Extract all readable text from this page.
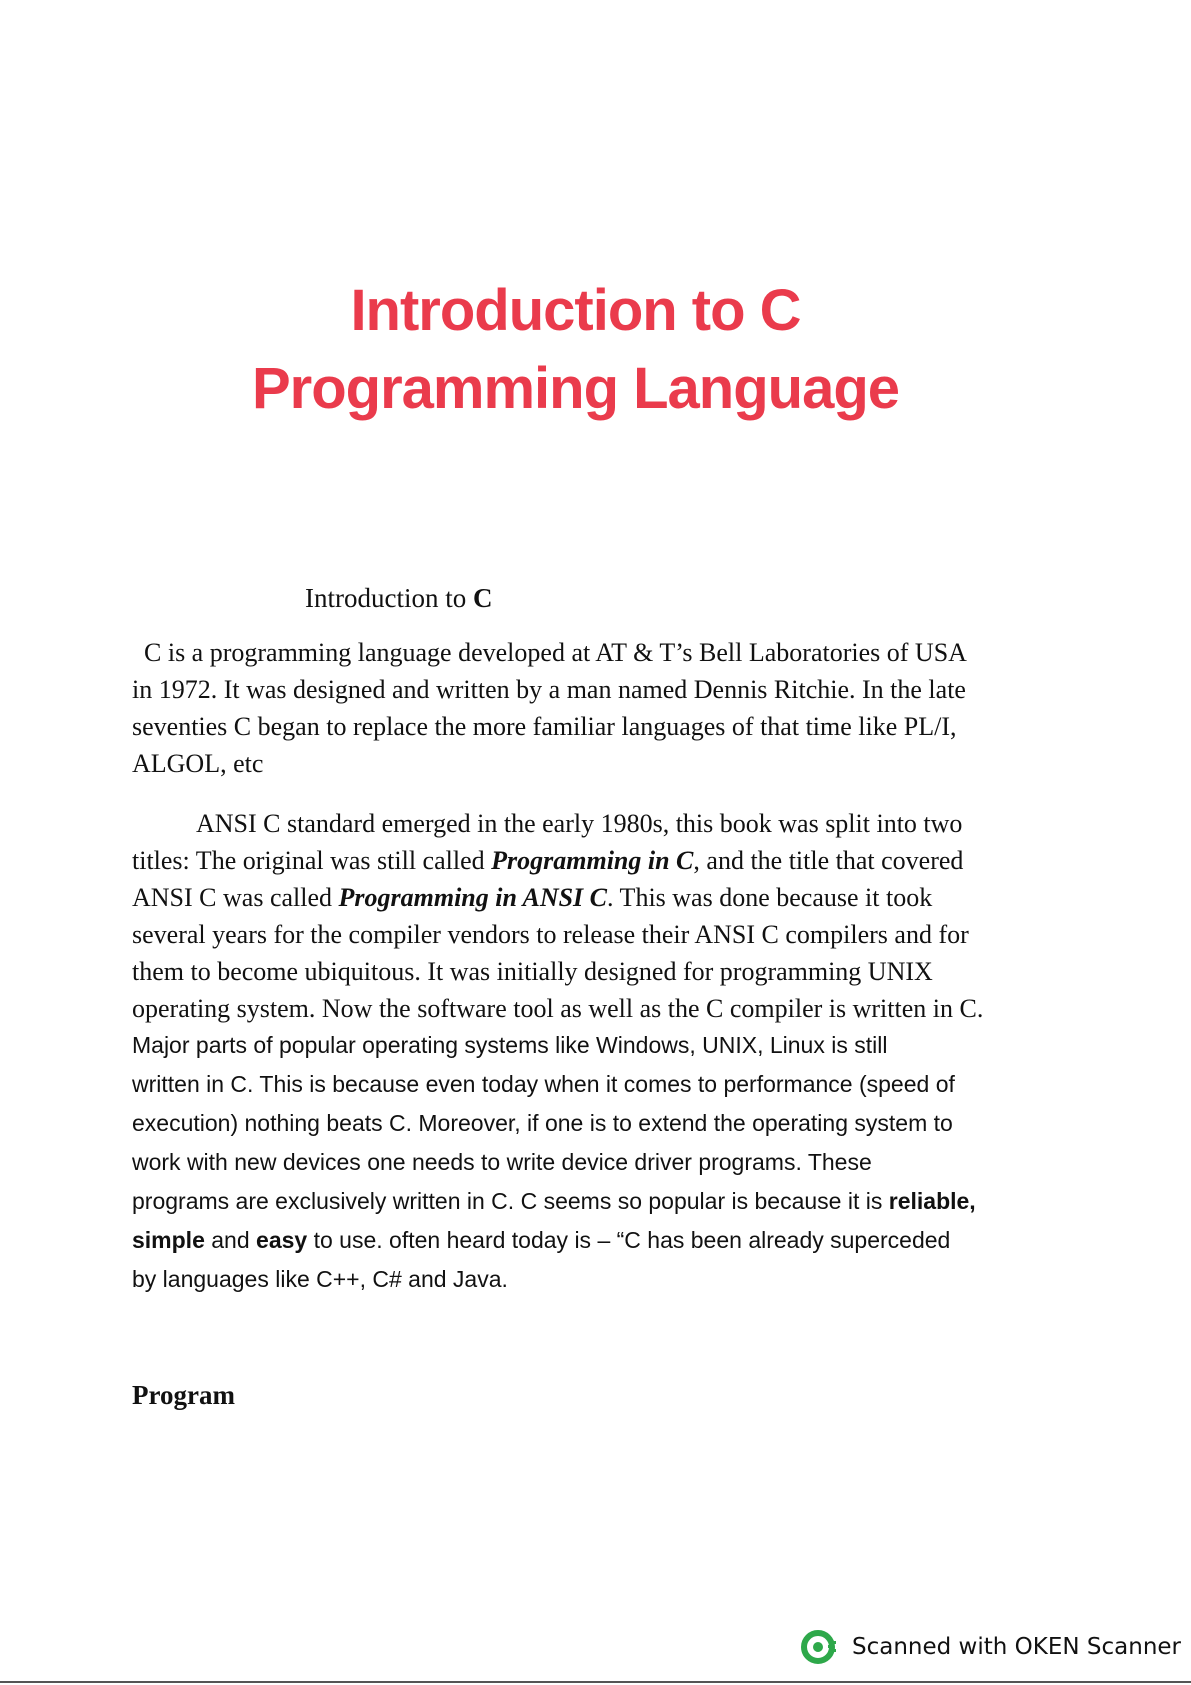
Introduction to C
Programming Language
Introduction to C

C is a programming language developed at AT & T’s Bell Laboratories of USA
in 1972. It was designed and written by a man named Dennis Ritchie. In the late
seventies C began to replace the more familiar languages of that time like PL/I,
ALGOL, etc

ANSI C standard emerged in the early 1980s, this book was split into two
titles: The original was still called Programming in C, and the title that covered
ANSI C was called Programming in ANSI C. This was done because it took
several years for the compiler vendors to release their ANSI C compilers and for
them to become ubiquitous. It was initially designed for programming UNIX
operating system. Now the software tool as well as the C compiler is written in C.

Major parts of popular operating systems like Windows, UNIX, Linux is still
written in C. This is because even today when it comes to performance (speed of
execution) nothing beats C. Moreover, if one is to extend the operating system to
work with new devices one needs to write device driver programs. These
programs are exclusively written in C. C seems so popular is because it is reliable,
simple and easy to use. often heard today is – “C has been already superceded
by languages like C++, C# and Java.

Program
Scanned with OKEN Scanner
